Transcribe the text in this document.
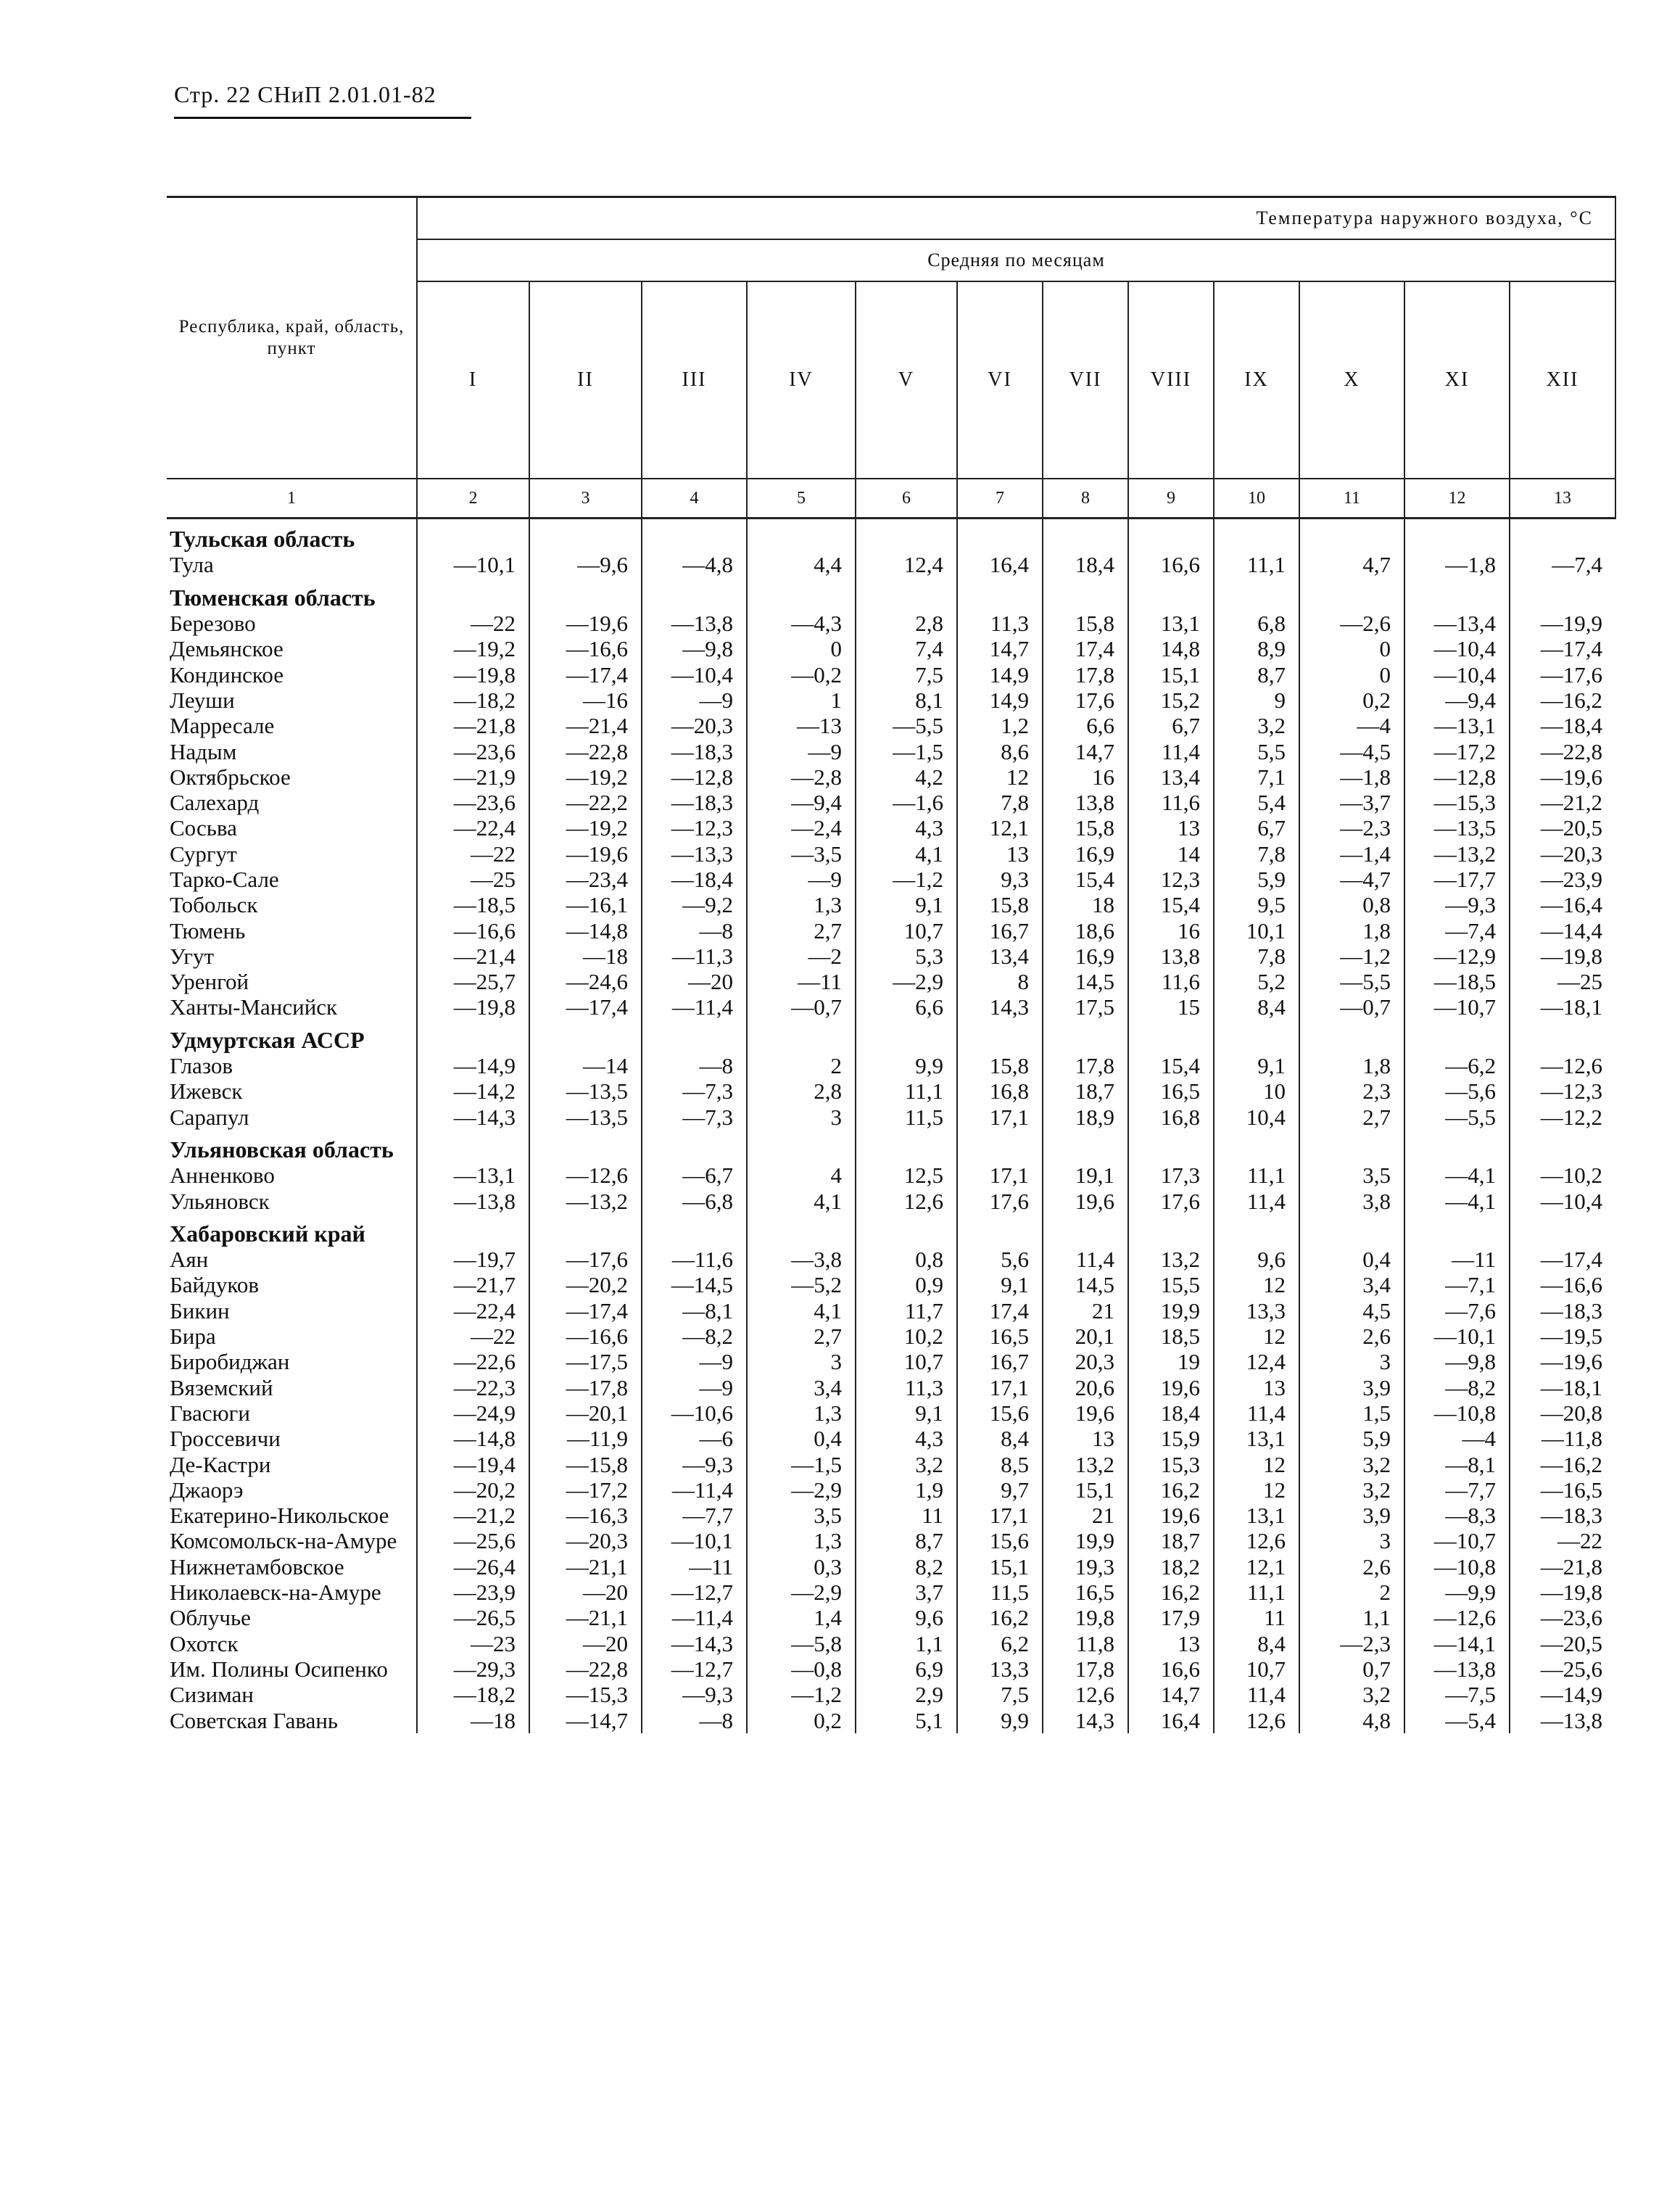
Стр. 22 СНиП 2.01.01-82
Республика, край, область, пункт	Температура наружного воздуха, °С											
	Средняя по месяцам											
	I	II	III	IV	V	VI	VII	VIII	IX	X	XI	XII
1	2	3	4	5	6	7	8	9	10	11	12	13
Тульская область												
Тула	—10,1	—9,6	—4,8	4,4	12,4	16,4	18,4	16,6	11,1	4,7	—1,8	—7,4
Тюменская область												
Березово	—22	—19,6	—13,8	—4,3	2,8	11,3	15,8	13,1	6,8	—2,6	—13,4	—19,9
Демьянское	—19,2	—16,6	—9,8	0	7,4	14,7	17,4	14,8	8,9	0	—10,4	—17,4
Кондинское	—19,8	—17,4	—10,4	—0,2	7,5	14,9	17,8	15,1	8,7	0	—10,4	—17,6
Леуши	—18,2	—16	—9	1	8,1	14,9	17,6	15,2	9	0,2	—9,4	—16,2
Марресале	—21,8	—21,4	—20,3	—13	—5,5	1,2	6,6	6,7	3,2	—4	—13,1	—18,4
Надым	—23,6	—22,8	—18,3	—9	—1,5	8,6	14,7	11,4	5,5	—4,5	—17,2	—22,8
Октябрьское	—21,9	—19,2	—12,8	—2,8	4,2	12	16	13,4	7,1	—1,8	—12,8	—19,6
Салехард	—23,6	—22,2	—18,3	—9,4	—1,6	7,8	13,8	11,6	5,4	—3,7	—15,3	—21,2
Сосьва	—22,4	—19,2	—12,3	—2,4	4,3	12,1	15,8	13	6,7	—2,3	—13,5	—20,5
Сургут	—22	—19,6	—13,3	—3,5	4,1	13	16,9	14	7,8	—1,4	—13,2	—20,3
Тарко-Сале	—25	—23,4	—18,4	—9	—1,2	9,3	15,4	12,3	5,9	—4,7	—17,7	—23,9
Тобольск	—18,5	—16,1	—9,2	1,3	9,1	15,8	18	15,4	9,5	0,8	—9,3	—16,4
Тюмень	—16,6	—14,8	—8	2,7	10,7	16,7	18,6	16	10,1	1,8	—7,4	—14,4
Угут	—21,4	—18	—11,3	—2	5,3	13,4	16,9	13,8	7,8	—1,2	—12,9	—19,8
Уренгой	—25,7	—24,6	—20	—11	—2,9	8	14,5	11,6	5,2	—5,5	—18,5	—25
Ханты-Мансийск	—19,8	—17,4	—11,4	—0,7	6,6	14,3	17,5	15	8,4	—0,7	—10,7	—18,1
Удмуртская АССР												
Глазов	—14,9	—14	—8	2	9,9	15,8	17,8	15,4	9,1	1,8	—6,2	—12,6
Ижевск	—14,2	—13,5	—7,3	2,8	11,1	16,8	18,7	16,5	10	2,3	—5,6	—12,3
Сарапул	—14,3	—13,5	—7,3	3	11,5	17,1	18,9	16,8	10,4	2,7	—5,5	—12,2
Ульяновская область												
Анненково	—13,1	—12,6	—6,7	4	12,5	17,1	19,1	17,3	11,1	3,5	—4,1	—10,2
Ульяновск	—13,8	—13,2	—6,8	4,1	12,6	17,6	19,6	17,6	11,4	3,8	—4,1	—10,4
Хабаровский край												
Аян	—19,7	—17,6	—11,6	—3,8	0,8	5,6	11,4	13,2	9,6	0,4	—11	—17,4
Байдуков	—21,7	—20,2	—14,5	—5,2	0,9	9,1	14,5	15,5	12	3,4	—7,1	—16,6
Бикин	—22,4	—17,4	—8,1	4,1	11,7	17,4	21	19,9	13,3	4,5	—7,6	—18,3
Бира	—22	—16,6	—8,2	2,7	10,2	16,5	20,1	18,5	12	2,6	—10,1	—19,5
Биробиджан	—22,6	—17,5	—9	3	10,7	16,7	20,3	19	12,4	3	—9,8	—19,6
Вяземский	—22,3	—17,8	—9	3,4	11,3	17,1	20,6	19,6	13	3,9	—8,2	—18,1
Гвасюги	—24,9	—20,1	—10,6	1,3	9,1	15,6	19,6	18,4	11,4	1,5	—10,8	—20,8
Гроссевичи	—14,8	—11,9	—6	0,4	4,3	8,4	13	15,9	13,1	5,9	—4	—11,8
Де-Кастри	—19,4	—15,8	—9,3	—1,5	3,2	8,5	13,2	15,3	12	3,2	—8,1	—16,2
Джаорэ	—20,2	—17,2	—11,4	—2,9	1,9	9,7	15,1	16,2	12	3,2	—7,7	—16,5
Екатерино-Никольское	—21,2	—16,3	—7,7	3,5	11	17,1	21	19,6	13,1	3,9	—8,3	—18,3
Комсомольск-на-Амуре	—25,6	—20,3	—10,1	1,3	8,7	15,6	19,9	18,7	12,6	3	—10,7	—22
Нижнетамбовское	—26,4	—21,1	—11	0,3	8,2	15,1	19,3	18,2	12,1	2,6	—10,8	—21,8
Николаевск-на-Амуре	—23,9	—20	—12,7	—2,9	3,7	11,5	16,5	16,2	11,1	2	—9,9	—19,8
Облучье	—26,5	—21,1	—11,4	1,4	9,6	16,2	19,8	17,9	11	1,1	—12,6	—23,6
Охотск	—23	—20	—14,3	—5,8	1,1	6,2	11,8	13	8,4	—2,3	—14,1	—20,5
Им. Полины Осипенко	—29,3	—22,8	—12,7	—0,8	6,9	13,3	17,8	16,6	10,7	0,7	—13,8	—25,6
Сизиман	—18,2	—15,3	—9,3	—1,2	2,9	7,5	12,6	14,7	11,4	3,2	—7,5	—14,9
Советская Гавань	—18	—14,7	—8	0,2	5,1	9,9	14,3	16,4	12,6	4,8	—5,4	—13,8
